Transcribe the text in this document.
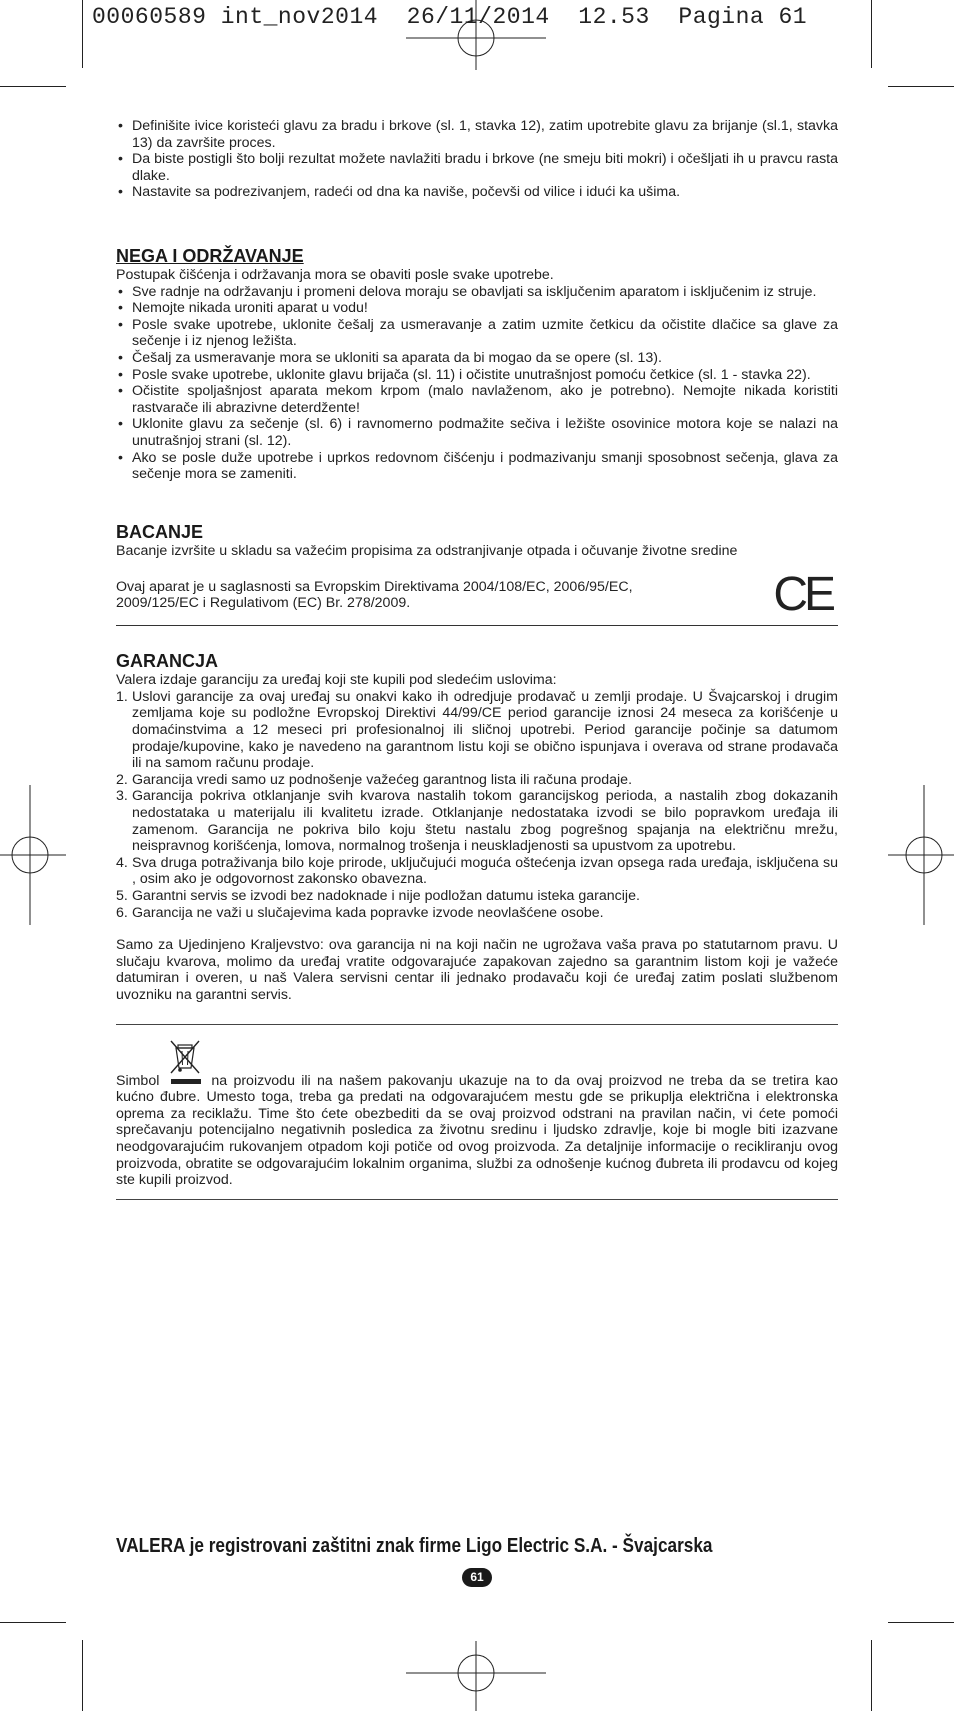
00060589 int_nov2014  26/11/2014  12.53  Pagina 61
• Definišite ivice koristeći glavu za bradu i brkove (sl. 1, stavka 12), zatim upotrebite glavu za brijanje (sl.1, stavka 13) da završite proces.
• Da biste postigli što bolji rezultat možete navlažiti bradu i brkove (ne smeju biti mokri) i očešljati ih u pravcu rasta dlake.
• Nastavite sa podrezivanjem, radeći od dna ka naviše, počevši od vilice i idući ka ušima.
NEGA I ODRŽAVANJE

Postupak čišćenja i održavanja mora se obaviti posle svake upotrebe.

• Sve radnje na održavanju i promeni delova moraju se obavljati sa isključenim aparatom i isključenim iz struje.
• Nemojte nikada uroniti aparat u vodu!
• Posle svake upotrebe, uklonite češalj za usmeravanje a zatim uzmite četkicu da očistite dlačice sa glave za sečenje i iz njenog ležišta.
• Češalj za usmeravanje mora se ukloniti sa aparata da bi mogao da se opere (sl. 13).
• Posle svake upotrebe, uklonite glavu brijača (sl. 11) i očistite unutrašnjost pomoću četkice (sl. 1 - stavka 22).
• Očistite spoljašnjost aparata mekom krpom (malo navlaženom, ako je potrebno). Nemojte nikada koristiti rastvarače ili abrazivne deterdžente!
• Uklonite glavu za sečenje (sl. 6) i ravnomerno podmažite sečiva i ležište osovinice motora koje se nalazi na unutrašnjoj strani (sl. 12).
• Ako se posle duže upotrebe i uprkos redovnom čišćenju i podmazivanju smanji sposobnost sečenja, glava za sečenje mora se zameniti.
BACANJE

Bacanje izvršite u skladu sa važećim propisima za odstranjivanje otpada i očuvanje životne sredine

Ovaj aparat je u saglasnosti sa Evropskim Direktivama 2004/108/EC, 2006/95/EC, 2009/125/EC i Regulativom (EC) Br. 278/2009.	CE
GARANCJA

Valera izdaje garanciju za uređaj koji ste kupili pod sledećim uslovima:

1. Uslovi garancije za ovaj uređaj su onakvi kako ih odredjuje prodavač u zemlji prodaje. U Švajcarskoj i drugim zemljama koje su podložne Evropskoj Direktivi 44/99/CE period garancije iznosi 24 meseca za korišćenje u domaćinstvima a 12 meseci pri profesionalnoj ili sličnoj upotrebi. Period garancije počinje sa datumom prodaje/kupovine, kako je navedeno na garantnom listu koji se obično ispunjava i overava od strane prodavača ili na samom računu prodaje.
2. Garancija vredi samo uz podnošenje važećeg garantnog lista ili računa prodaje.
3. Garancija pokriva otklanjanje svih kvarova nastalih tokom garancijskog perioda, a nastalih zbog dokazanih nedostataka u materijalu ili kvalitetu izrade. Otklanjanje nedostataka izvodi se bilo popravkom uređaja ili zamenom. Garancija ne pokriva bilo koju štetu nastalu zbog pogrešnog spajanja na električnu mrežu, neispravnog korišćenja, lomova, normalnog trošenja i neuskladjenosti sa upustvom za upotrebu.
4. Sva druga potraživanja bilo koje prirode, uključujući moguća oštećenja izvan opsega rada uređaja, isključena su , osim ako je odgovornost zakonsko obavezna.
5. Garantni servis se izvodi bez nadoknade i nije podložan datumu isteka garancije.
6. Garancija ne važi u slučajevima kada popravke izvode neovlašćene osobe.

Samo za Ujedinjeno Kraljevstvo: ova garancija ni na koji način ne ugrožava vaša prava po statutarnom pravu. U slučaju kvarova, molimo da uređaj vratite odgovarajuće zapakovan zajedno sa garantnim listom koji je važeće datumiran i overen, u naš Valera servisni centar ili jednako prodavaču koji će uređaj zatim poslati službenom uvozniku na garantni servis.

Simbol	na proizvodu ili na našem pakovanju ukazuje na to da ovaj proizvod ne treba da se tretira kao kućno đubre. Umesto toga, treba ga predati na odgovarajućem mestu gde se prikuplja električna i elektronska oprema za reciklažu. Time što ćete obezbediti da se ovaj proizvod odstrani na pravilan način, vi ćete pomoći sprečavanju potencijalno negativnih posledica za životnu sredinu i ljudsko zdravlje, koje bi mogle biti izazvane neodgovarajućim rukovanjem otpadom koji potiče od ovog proizvoda. Za detaljnije informacije o recikliranju ovog proizvoda, obratite se odgovarajućim lokalnim organima, službi za odnošenje kućnog đubreta ili prodavcu od kojeg ste kupili proizvod.

VALERA je registrovani zaštitni znak firme Ligo Electric S.A. - Švajcarska
61
